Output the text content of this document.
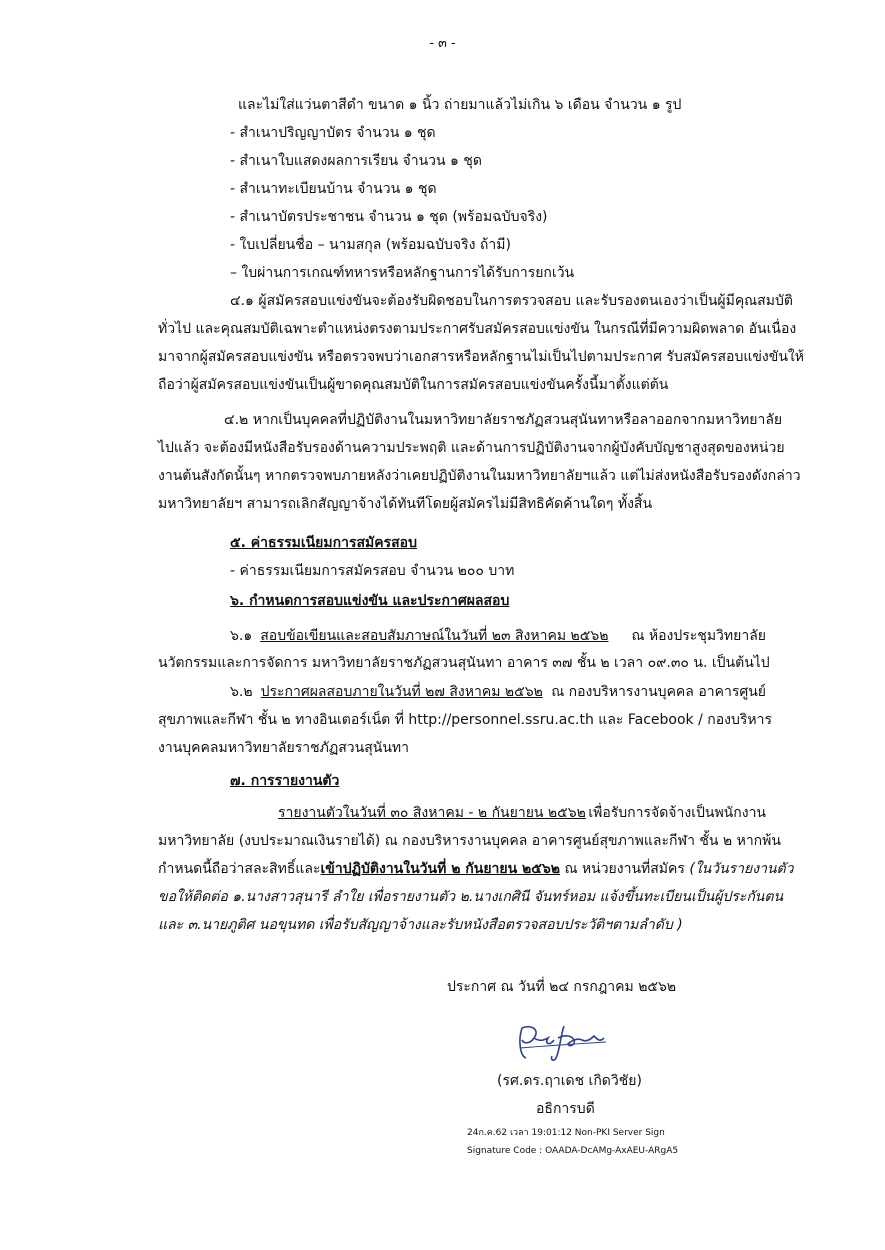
- ๓ -
และไม่ใส่แว่นตาสีดำ ขนาด ๑ นิ้ว ถ่ายมาแล้วไม่เกิน ๖ เดือน จำนวน ๑ รูป
- สำเนาปริญญาบัตร จำนวน ๑ ชุด
- สำเนาใบแสดงผลการเรียน จำนวน ๑ ชุด
- สำเนาทะเบียนบ้าน จำนวน ๑ ชุด
- สำเนาบัตรประชาชน จำนวน ๑ ชุด (พร้อมฉบับจริง)
- ใบเปลี่ยนชื่อ – นามสกุล (พร้อมฉบับจริง ถ้ามี)
– ใบผ่านการเกณฑ์ทหารหรือหลักฐานการได้รับการยกเว้น
๔.๑ ผู้สมัครสอบแข่งขันจะต้องรับผิดชอบในการตรวจสอบ และรับรองตนเองว่าเป็นผู้มีคุณสมบัติ
ทั่วไป และคุณสมบัติเฉพาะตำแหน่งตรงตามประกาศรับสมัครสอบแข่งขัน ในกรณีที่มีความผิดพลาด อันเนื่อง
มาจากผู้สมัครสอบแข่งขัน หรือตรวจพบว่าเอกสารหรือหลักฐานไม่เป็นไปตามประกาศ รับสมัครสอบแข่งขันให้
ถือว่าผู้สมัครสอบแข่งขันเป็นผู้ขาดคุณสมบัติในการสมัครสอบแข่งขันครั้งนี้มาตั้งแต่ต้น
๔.๒ หากเป็นบุคคลที่ปฏิบัติงานในมหาวิทยาลัยราชภัฏสวนสุนันทาหรือลาออกจากมหาวิทยาลัย
ไปแล้ว จะต้องมีหนังสือรับรองด้านความประพฤติ และด้านการปฏิบัติงานจากผู้บังคับบัญชาสูงสุดของหน่วย
งานต้นสังกัดนั้นๆ หากตรวจพบภายหลังว่าเคยปฏิบัติงานในมหาวิทยาลัยฯแล้ว แต่ไม่ส่งหนังสือรับรองดังกล่าว
มหาวิทยาลัยฯ สามารถเลิกสัญญาจ้างได้ทันทีโดยผู้สมัครไม่มีสิทธิคัดค้านใดๆ ทั้งสิ้น
๕. ค่าธรรมเนียมการสมัครสอบ
- ค่าธรรมเนียมการสมัครสอบ จำนวน ๒๐๐ บาท
๖. กำหนดการสอบแข่งขัน และประกาศผลสอบ
๖.๑ สอบข้อเขียนและสอบสัมภาษณ์ในวันที่ ๒๓ สิงหาคม ๒๕๖๒ ณ ห้องประชุมวิทยาลัย
นวัตกรรมและการจัดการ มหาวิทยาลัยราชภัฏสวนสุนันทา อาคาร ๓๗ ชั้น ๒ เวลา ๐๙.๓๐ น. เป็นต้นไป
๖.๒ ประกาศผลสอบภายในวันที่ ๒๗ สิงหาคม ๒๕๖๒ ณ กองบริหารงานบุคคล อาคารศูนย์
สุขภาพและกีฬา ชั้น ๒ ทางอินเตอร์เน็ต ที่ http://personnel.ssru.ac.th และ Facebook / กองบริหาร
งานบุคคลมหาวิทยาลัยราชภัฏสวนสุนันทา
๗. การรายงานตัว
รายงานตัวในวันที่ ๓๐ สิงหาคม - ๒ กันยายน ๒๕๖๒ เพื่อรับการจัดจ้างเป็นพนักงาน
มหาวิทยาลัย (งบประมาณเงินรายได้) ณ กองบริหารงานบุคคล อาคารศูนย์สุขภาพและกีฬา ชั้น ๒ หากพ้น
กำหนดนี้ถือว่าสละสิทธิ์และ เข้าปฏิบัติงานในวันที่ ๒ กันยายน ๒๕๖๒ ณ หน่วยงานที่สมัคร (ในวันรายงานตัว
ขอให้ติดต่อ ๑.นางสาวสุนารี ลำใย เพื่อรายงานตัว ๒.นางเกศินี จันทร์หอม แจ้งขึ้นทะเบียนเป็นผู้ประกันตน
และ ๓.นายภูติศ นอขุนทด เพื่อรับสัญญาจ้างและรับหนังสือตรวจสอบประวัติฯตามลำดับ )
ประกาศ ณ วันที่ ๒๔ กรกฎาคม ๒๕๖๒
(รศ.ดร.ฤาเดช เกิดวิชัย)
อธิการบดี
24ก.ค.62 เวลา 19:01:12 Non-PKI Server Sign
Signature Code : OAADA-DcAMg-AxAEU-ARgA5
